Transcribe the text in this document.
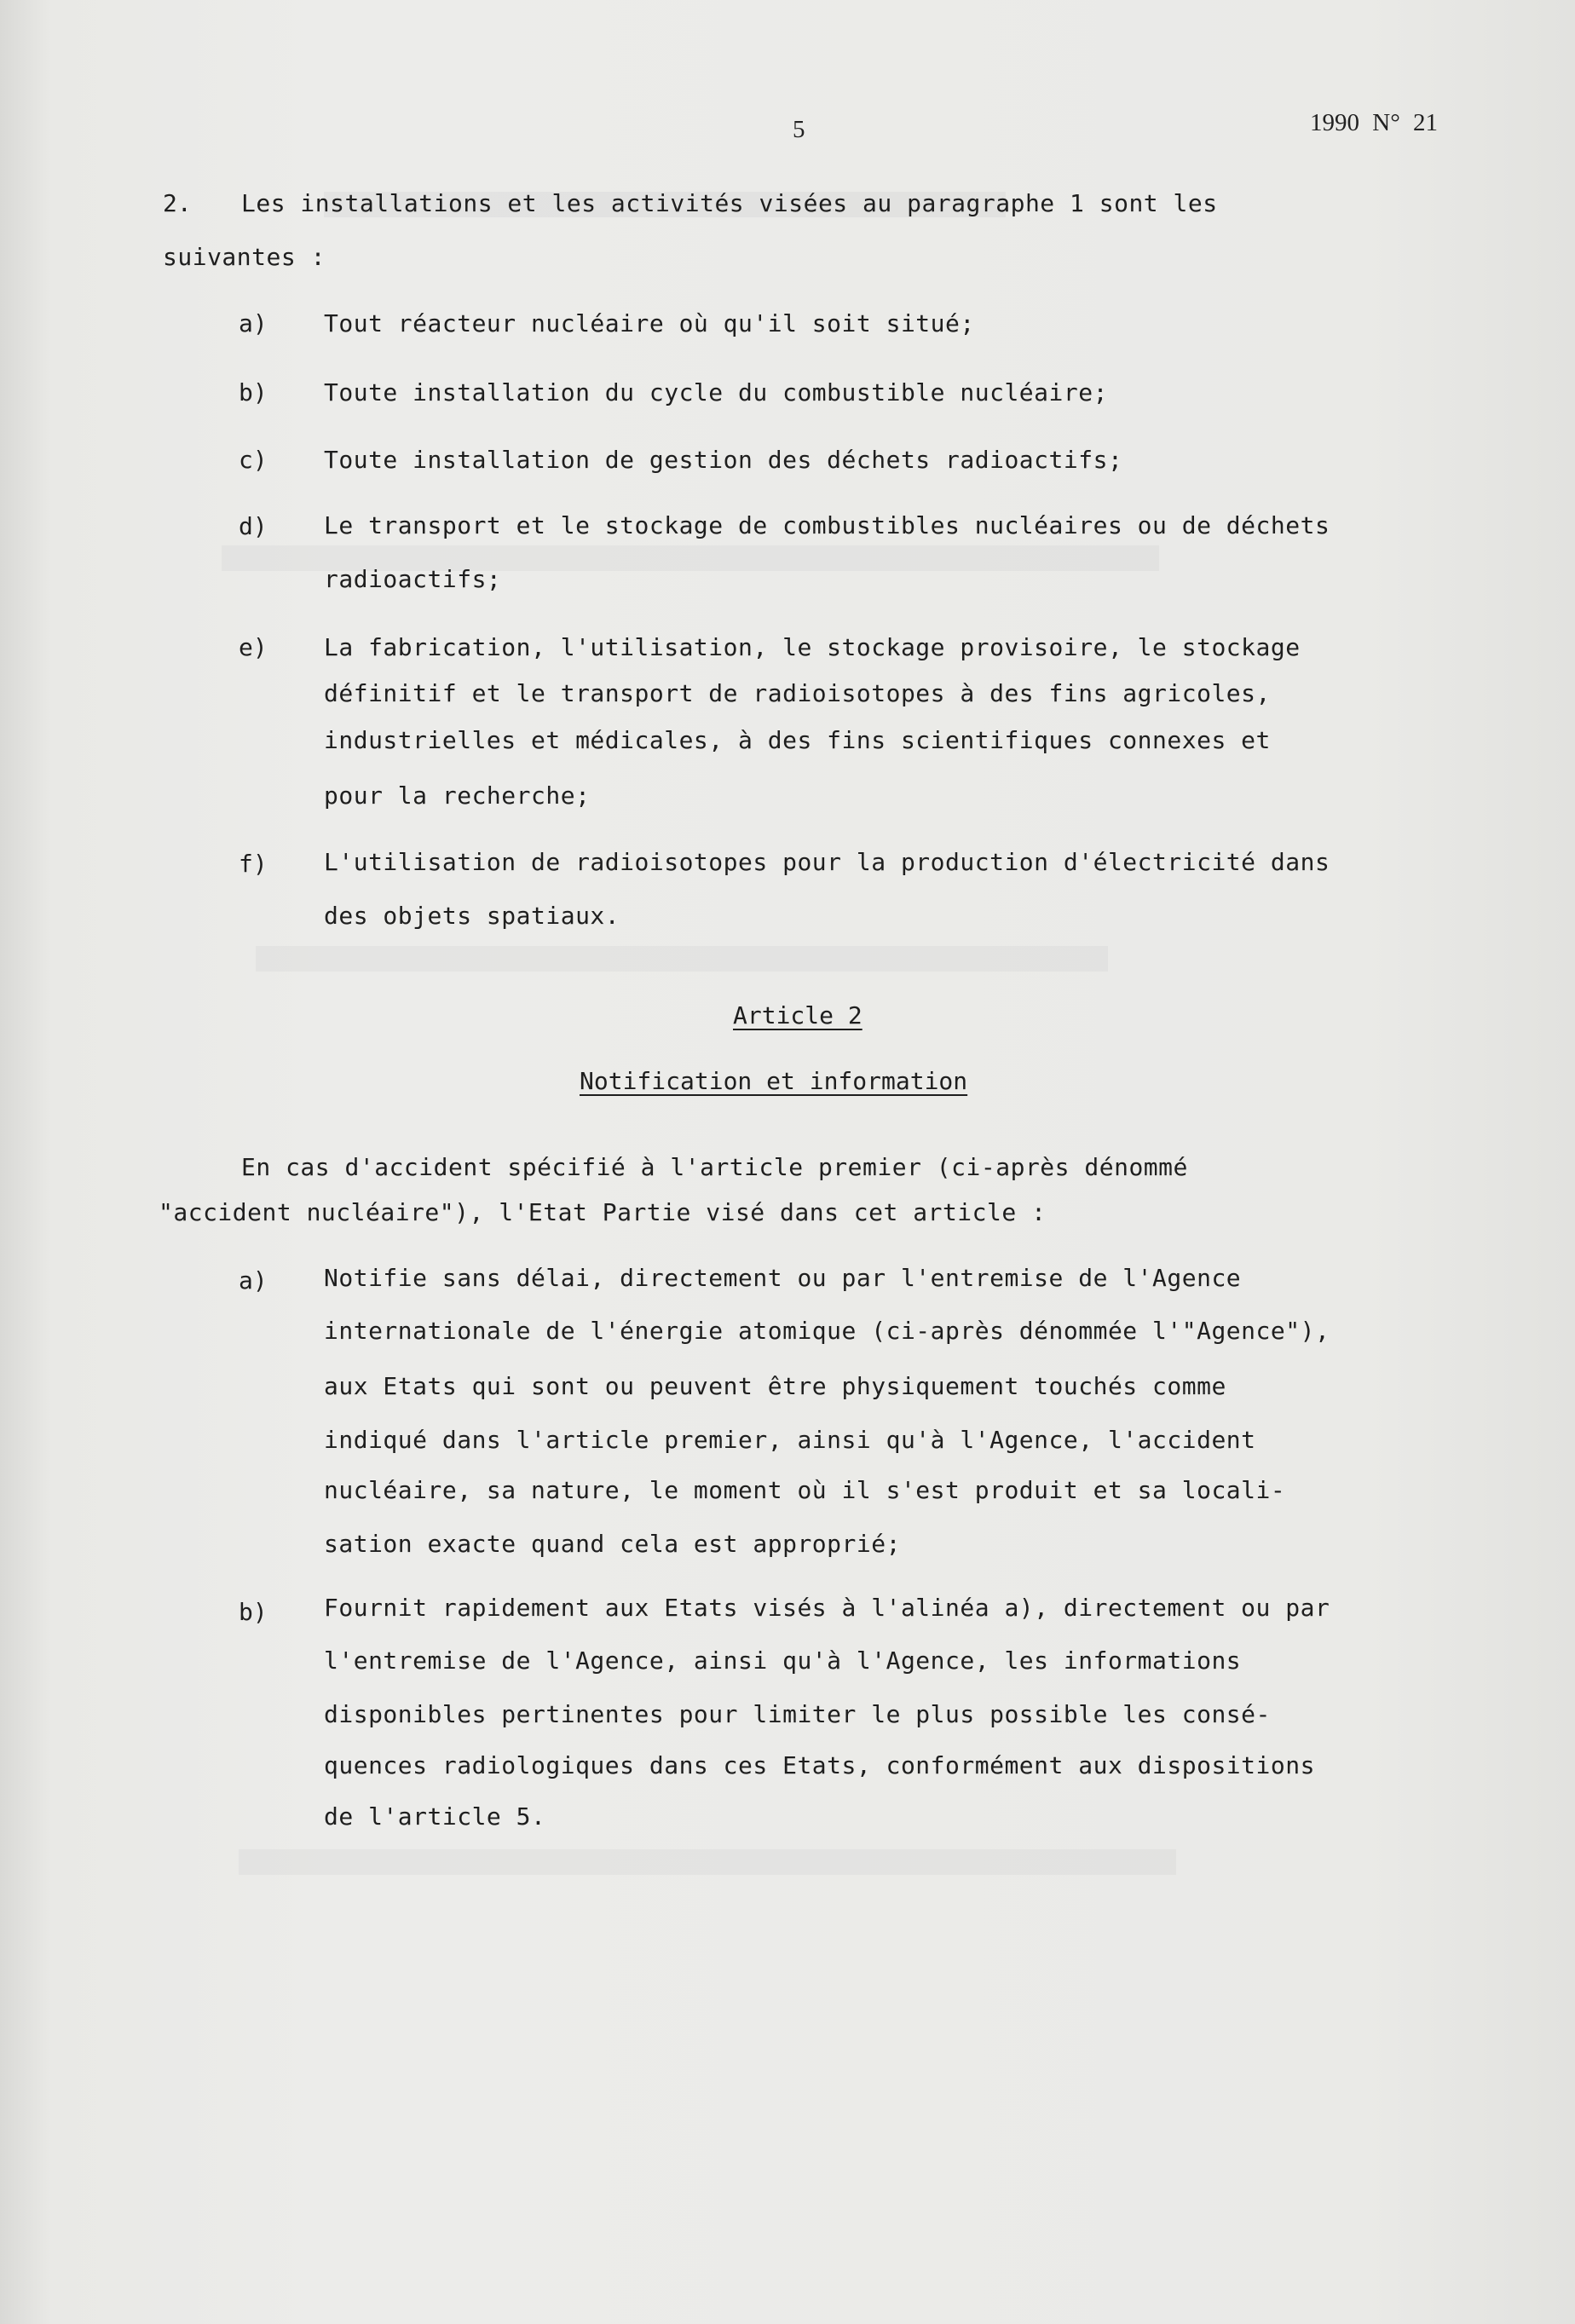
5	1990 N° 21
2. Les installations et les activités visées au paragraphe 1 sont les
suivantes :
a) Tout réacteur nucléaire où qu'il soit situé;
b) Toute installation du cycle du combustible nucléaire;
c) Toute installation de gestion des déchets radioactifs;
d) Le transport et le stockage de combustibles nucléaires ou de déchets
radioactifs;
e) La fabrication, l'utilisation, le stockage provisoire, le stockage
définitif et le transport de radioisotopes à des fins agricoles,
industrielles et médicales, à des fins scientifiques connexes et
pour la recherche;
f) L'utilisation de radioisotopes pour la production d'électricité dans
des objets spatiaux.
Article 2
Notification et information
En cas d'accident spécifié à l'article premier (ci-après dénommé
"accident nucléaire"), l'Etat Partie visé dans cet article :
a) Notifie sans délai, directement ou par l'entremise de l'Agence
internationale de l'énergie atomique (ci-après dénommée l'"Agence"),
aux Etats qui sont ou peuvent être physiquement touchés comme
indiqué dans l'article premier, ainsi qu'à l'Agence, l'accident
nucléaire, sa nature, le moment où il s'est produit et sa locali-
sation exacte quand cela est approprié;
b) Fournit rapidement aux Etats visés à l'alinéa a), directement ou par
l'entremise de l'Agence, ainsi qu'à l'Agence, les informations
disponibles pertinentes pour limiter le plus possible les consé-
quences radiologiques dans ces Etats, conformément aux dispositions
de l'article 5.
